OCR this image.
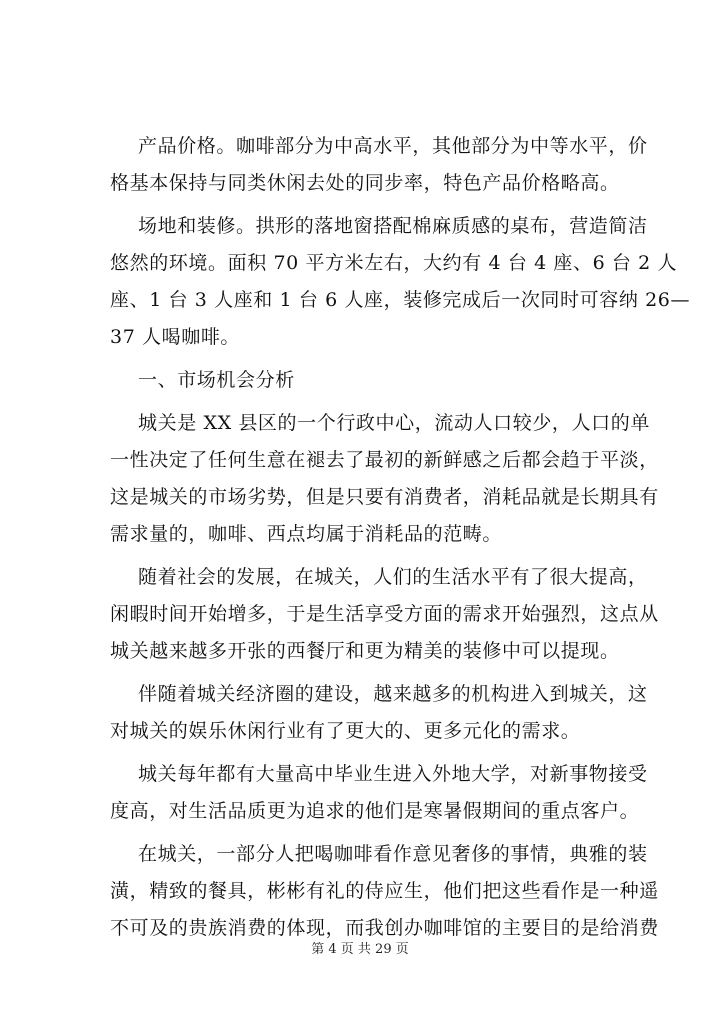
产品价格。咖啡部分为中高水平，其他部分为中等水平，价
格基本保持与同类休闲去处的同步率，特色产品价格略高。
场地和装修。拱形的落地窗搭配棉麻质感的桌布，营造简洁
悠然的环境。面积 70 平方米左右，大约有 4 台 4 座、6 台 2 人
座、1 台 3 人座和 1 台 6 人座，装修完成后一次同时可容纳 26—
37 人喝咖啡。
一、市场机会分析
城关是 XX 县区的一个行政中心，流动人口较少，人口的单
一性决定了任何生意在褪去了最初的新鲜感之后都会趋于平淡，
这是城关的市场劣势，但是只要有消费者，消耗品就是长期具有
需求量的，咖啡、西点均属于消耗品的范畴。
随着社会的发展，在城关，人们的生活水平有了很大提高，
闲暇时间开始增多，于是生活享受方面的需求开始强烈，这点从
城关越来越多开张的西餐厅和更为精美的装修中可以提现。
伴随着城关经济圈的建设，越来越多的机构进入到城关，这
对城关的娱乐休闲行业有了更大的、更多元化的需求。
城关每年都有大量高中毕业生进入外地大学，对新事物接受
度高，对生活品质更为追求的他们是寒暑假期间的重点客户。
在城关，一部分人把喝咖啡看作意见奢侈的事情，典雅的装
潢，精致的餐具，彬彬有礼的侍应生，他们把这些看作是一种遥
不可及的贵族消费的体现，而我创办咖啡馆的主要目的是给消费
第 4 页 共 29 页
